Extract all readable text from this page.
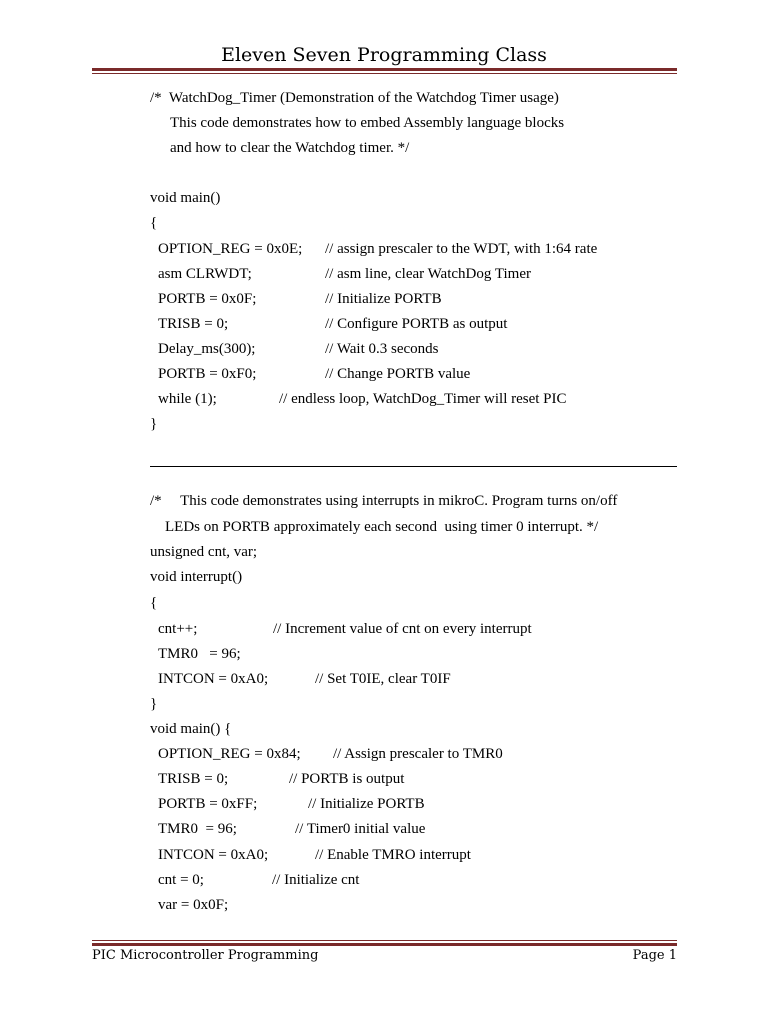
Eleven Seven Programming Class
/*  WatchDog_Timer (Demonstration of the Watchdog Timer usage)
This code demonstrates how to embed Assembly language blocks
and how to clear the Watchdog timer. */
void main()
{
OPTION_REG = 0x0E; // assign prescaler to the WDT, with 1:64 rate
asm CLRWDT;	// asm line, clear WatchDog Timer
PORTB = 0x0F;	// Initialize PORTB
TRISB = 0;	// Configure PORTB as output
Delay_ms(300);	// Wait 0.3 seconds
PORTB = 0xF0;	// Change PORTB value
while (1);	// endless loop, WatchDog_Timer will reset PIC
}
/*     This code demonstrates using interrupts in mikroC. Program turns on/off
LEDs on PORTB approximately each second  using timer 0 interrupt. */
unsigned cnt, var;
void interrupt()
{
cnt++;	// Increment value of cnt on every interrupt
TMR0   = 96;
INTCON = 0xA0;	// Set T0IE, clear T0IF
}
void main() {
OPTION_REG = 0x84; // Assign prescaler to TMR0
TRISB = 0;	// PORTB is output
PORTB = 0xFF;	// Initialize PORTB
TMR0  = 96;	// Timer0 initial value
INTCON = 0xA0;	// Enable TMRO interrupt
cnt = 0;	// Initialize cnt
var = 0x0F;
PIC Microcontroller Programming	Page 1
